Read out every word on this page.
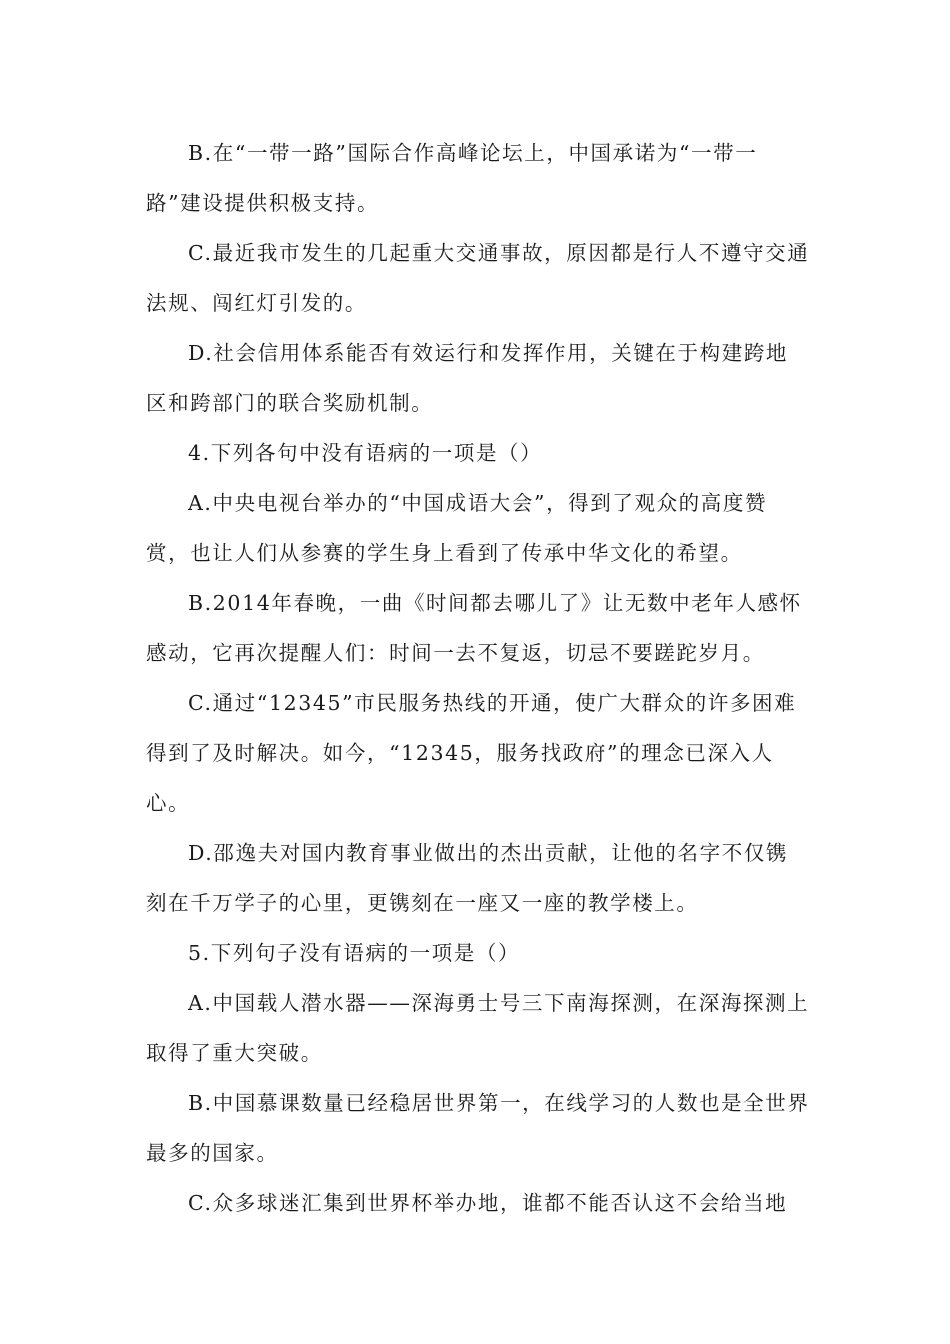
B.在“一带一路”国际合作高峰论坛上，中国承诺为“一带一路”建设提供积极支持。

C.最近我市发生的几起重大交通事故，原因都是行人不遵守交通法规、闯红灯引发的。

D.社会信用体系能否有效运行和发挥作用，关键在于构建跨地区和跨部门的联合奖励机制。

4.下列各句中没有语病的一项是（）

A.中央电视台举办的“中国成语大会”，得到了观众的高度赞赏，也让人们从参赛的学生身上看到了传承中华文化的希望。

B.2014年春晚，一曲《时间都去哪儿了》让无数中老年人感怀感动，它再次提醒人们：时间一去不复返，切忌不要蹉跎岁月。

C.通过“12345”市民服务热线的开通，使广大群众的许多困难得到了及时解决。如今，“12345，服务找政府”的理念已深入人心。

D.邵逸夫对国内教育事业做出的杰出贡献，让他的名字不仅镌刻在千万学子的心里，更镌刻在一座又一座的教学楼上。

5.下列句子没有语病的一项是（）

A.中国载人潜水器——深海勇士号三下南海探测，在深海探测上取得了重大突破。

B.中国慕课数量已经稳居世界第一，在线学习的人数也是全世界最多的国家。

C.众多球迷汇集到世界杯举办地，谁都不能否认这不会给当地
